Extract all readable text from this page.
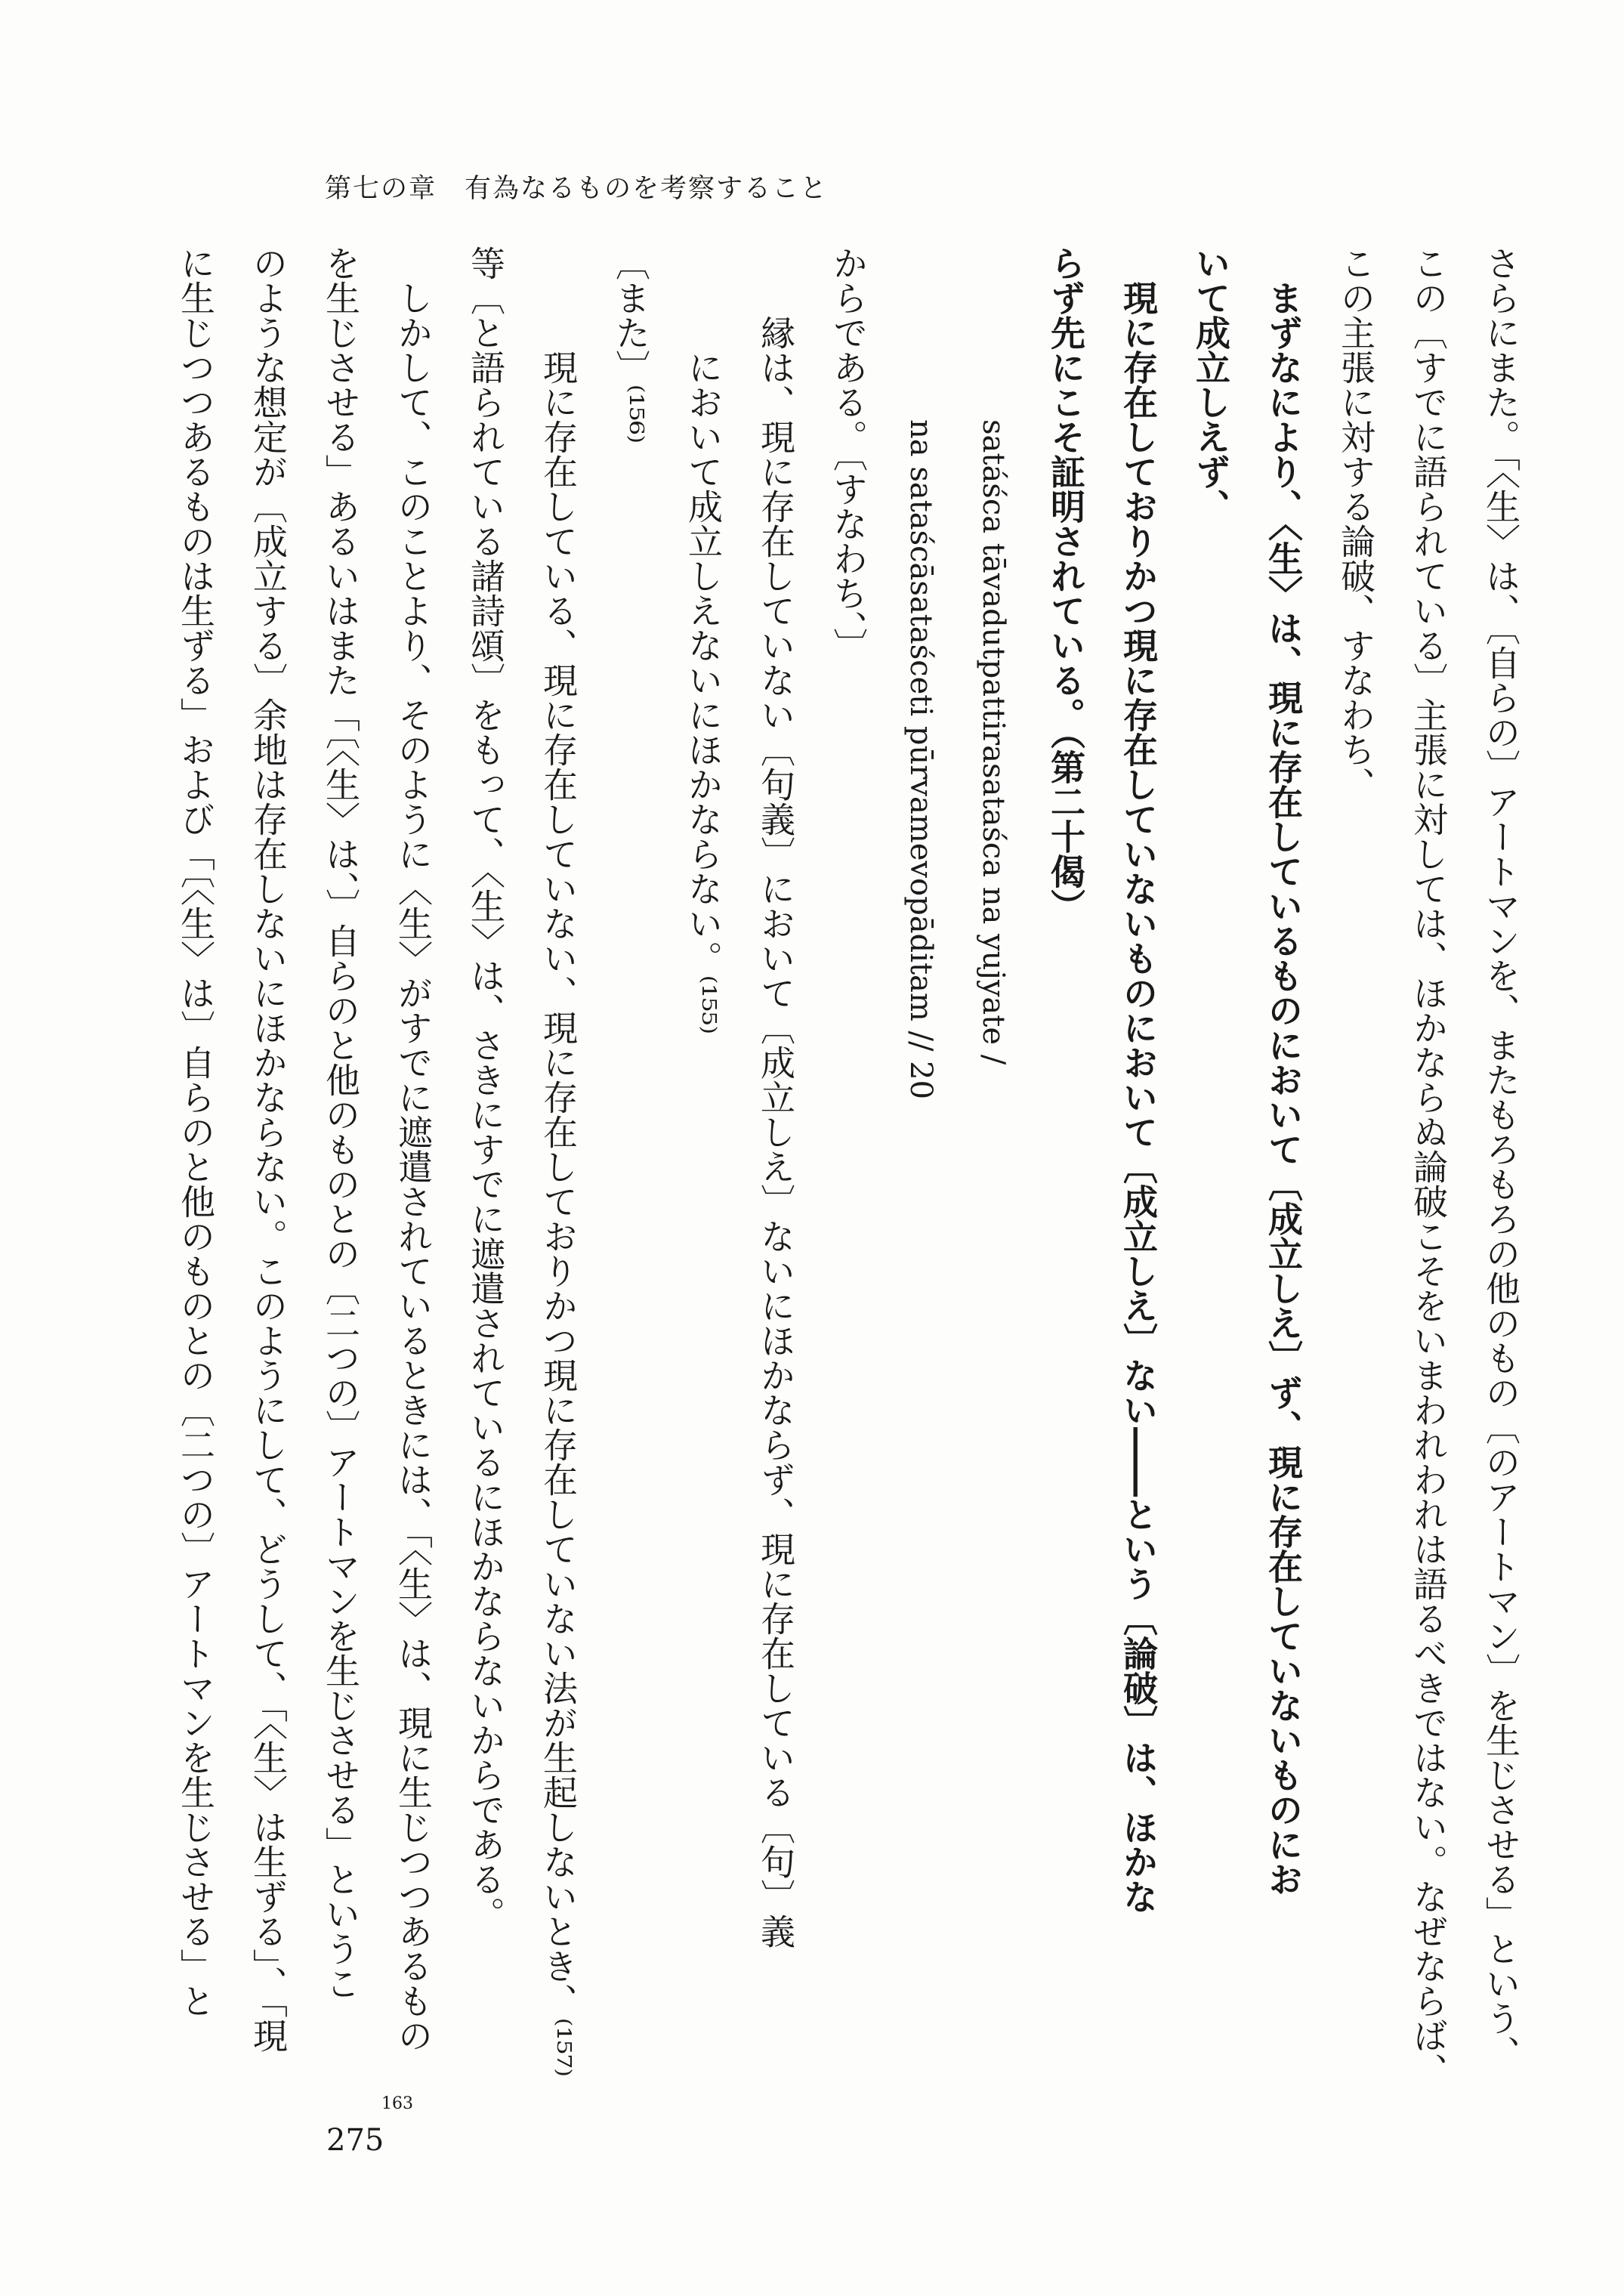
第七の章　有為なるものを考察すること
さらにまた。「〈生〉は、〔自らの〕アートマンを、またもろもろの他のもの〔のアートマン〕を生じさせる」という、
この〔すでに語られている〕主張に対しては、ほかならぬ論破こそをいまわれわれは語るべきではない。なぜならば、
この主張に対する論破、すなわち、
まずなにより、〈生〉は、現に存在しているものにおいて〔成立しえ〕ず、現に存在していないものにお
いて成立しえず、
現に存在しておりかつ現に存在していないものにおいて〔成立しえ〕ない――という〔論破〕は、ほかな
らず先にこそ証明されている。（第二十偈）
satáśca tāvadutpattirasataśca na yujyate /
na sataścāsataśceti pūrvamevopāditam // 20
からである。〔すなわち、〕
縁は、現に存在していない〔句義〕において〔成立しえ〕ないにほかならず、現に存在している〔句〕義
において成立しえないにほかならない。⁽¹⁵⁵⁾
〔また〕⁽¹⁵⁶⁾
現に存在している、現に存在していない、現に存在しておりかつ現に存在していない法が生起しないとき、⁽¹⁵⁷⁾
等〔と語られている諸詩頌〕をもって、〈生〉は、さきにすでに遮遣されているにほかならないからである。
しかして、このことより、そのように〈生〉がすでに遮遣されているときには、「〈生〉は、現に生じつつあるもの
を生じさせる」あるいはまた「〔〈生〉は、〕自らのと他のものとの〔二つの〕アートマンを生じさせる」というこ
のような想定が〔成立する〕余地は存在しないにほかならない。このようにして、どうして、「〈生〉は生ずる」、「現
に生じつつあるものは生ずる」および「〔〈生〉は〕自らのと他のものとの〔二つの〕アートマンを生じさせる」と
163
275
